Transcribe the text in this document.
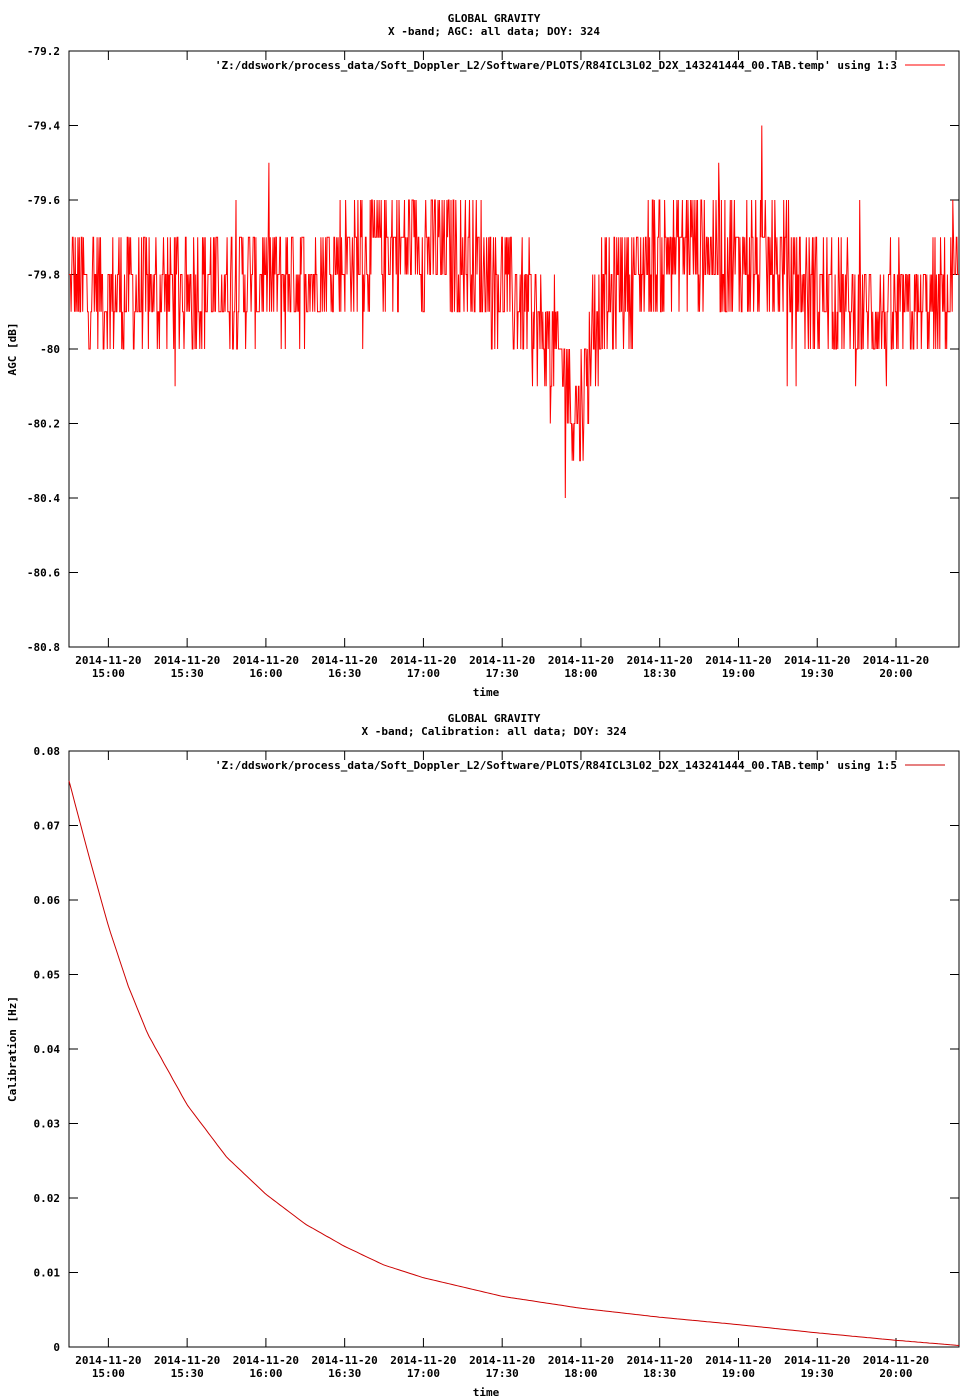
GLOBAL GRAVITY
X -band; AGC: all data; DOY: 324
-79.2
-79.4
-79.6
-79.8
-80
-80.2
-80.4
-80.6
-80.8
2014-11-20
15:00
2014-11-20
15:30
2014-11-20
16:00
2014-11-20
16:30
2014-11-20
17:00
2014-11-20
17:30
2014-11-20
18:00
2014-11-20
18:30
2014-11-20
19:00
2014-11-20
19:30
2014-11-20
20:00
time
AGC [dB]
'Z:/ddswork/process_data/Soft_Doppler_L2/Software/PLOTS/R84ICL3L02_D2X_143241444_00.TAB.temp' using 1:3
GLOBAL GRAVITY
X -band; Calibration: all data; DOY: 324
0.08
0.07
0.06
0.05
0.04
0.03
0.02
0.01
0
2014-11-20
15:00
2014-11-20
15:30
2014-11-20
16:00
2014-11-20
16:30
2014-11-20
17:00
2014-11-20
17:30
2014-11-20
18:00
2014-11-20
18:30
2014-11-20
19:00
2014-11-20
19:30
2014-11-20
20:00
time
Calibration [Hz]
'Z:/ddswork/process_data/Soft_Doppler_L2/Software/PLOTS/R84ICL3L02_D2X_143241444_00.TAB.temp' using 1:5
